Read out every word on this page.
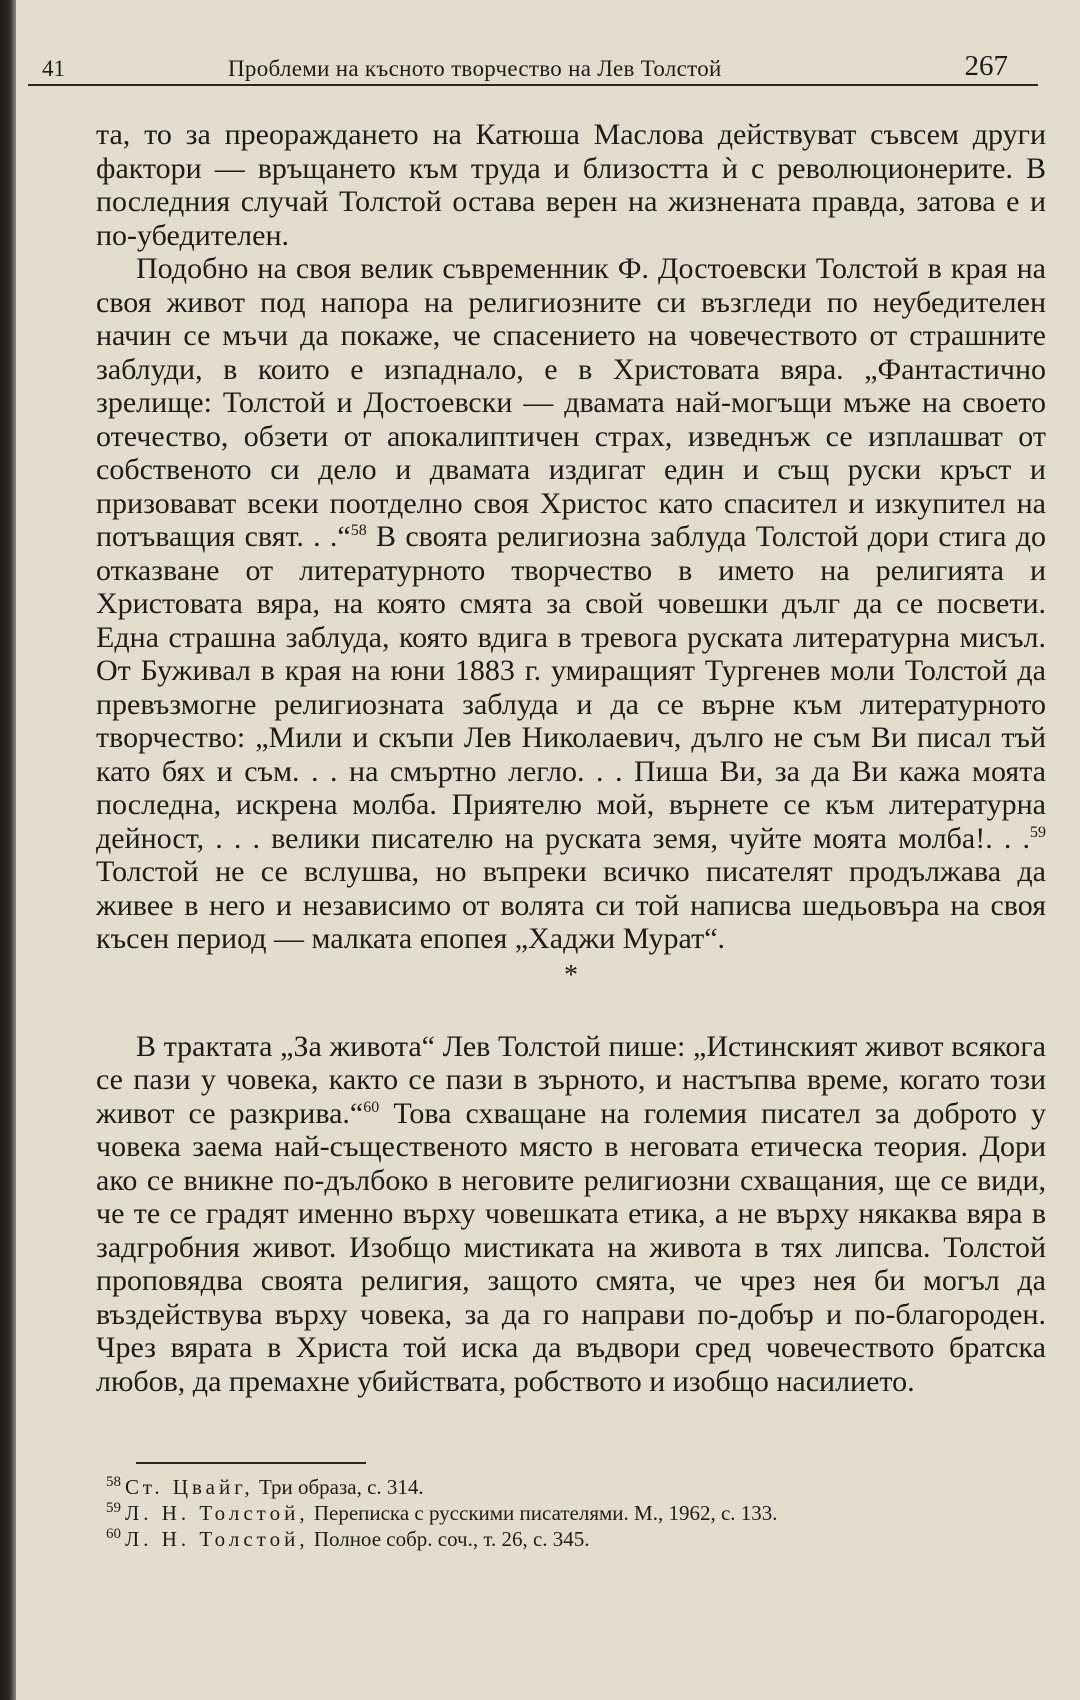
41	Проблеми на късното творчество на Лев Толстой	267

та, то за преораждането на Катюша Маслова действуват съвсем други фактори — връщането към труда и близостта ѝ с революционерите. В последния случай Толстой остава верен на жизнената правда, затова е и по-убедителен.

Подобно на своя велик съвременник Ф. Достоевски Толстой в края на своя живот под напора на религиозните си възгледи по неубедителен начин се мъчи да покаже, че спасението на човечеството от страшните заблуди, в които е изпаднало, е в Христовата вяра. „Фантастично зрелище: Толстой и Достоевски — двамата най-могъщи мъже на своето отечество, обзети от апокалиптичен страх, изведнъж се изплашват от собственото си дело и двамата издигат един и същ руски кръст и призовават всеки поотделно своя Христос като спасител и изкупител на потъващия свят. . .“$^{58}$ В своята религиозна заблуда Толстой дори стига до отказване от литературното творчество в името на религията и Христовата вяра, на която смята за свой човешки дълг да се посвети. Една страшна заблуда, която вдига в тревога руската литературна мисъл. От Буживал в края на юни 1883 г. умиращият Тургенев моли Толстой да превъзмогне религиозната заблуда и да се върне към литературното творчество: „Мили и скъпи Лев Николаевич, дълго не съм Ви писал тъй като бях и съм. . . на смъртно легло. . . Пиша Ви, за да Ви кажа моята последна, искрена молба. Приятелю мой, върнете се към литературна дейност, . . . велики писателю на руската земя, чуйте моята молба!. . .$^{59}$ Толстой не се вслушва, но въпреки всичко писателят продължава да живее в него и независимо от волята си той написва шедьовъра на своя късен период — малката епопея „Хаджи Мурат“.

*

В трактата „За живота“ Лев Толстой пише: „Истинският живот всякога се пази у човека, както се пази в зърното, и настъпва време, когато този живот се разкрива.“$^{60}$ Това схващане на големия писател за доброто у човека заема най-същественото място в неговата етическа теория. Дори ако се вникне по-дълбоко в неговите религиозни схващания, ще се види, че те се градят именно върху човешката етика, а не върху някаква вяра в задгробния живот. Изобщо мистиката на живота в тях липсва. Толстой проповядва своята религия, защото смята, че чрез нея би могъл да въздействува върху човека, за да го направи по-добър и по-благороден. Чрез вярата в Христа той иска да въдвори сред човечеството братска любов, да премахне убийствата, робството и изобщо насилието.

$^{58}$ Ст. Цвайг, Три образа, с. 314.

$^{59}$ Л. Н. Толстой, Переписка с русскими писателями. М., 1962, с. 133.

$^{60}$ Л. Н. Толстой, Полное собр. соч., т. 26, с. 345.
